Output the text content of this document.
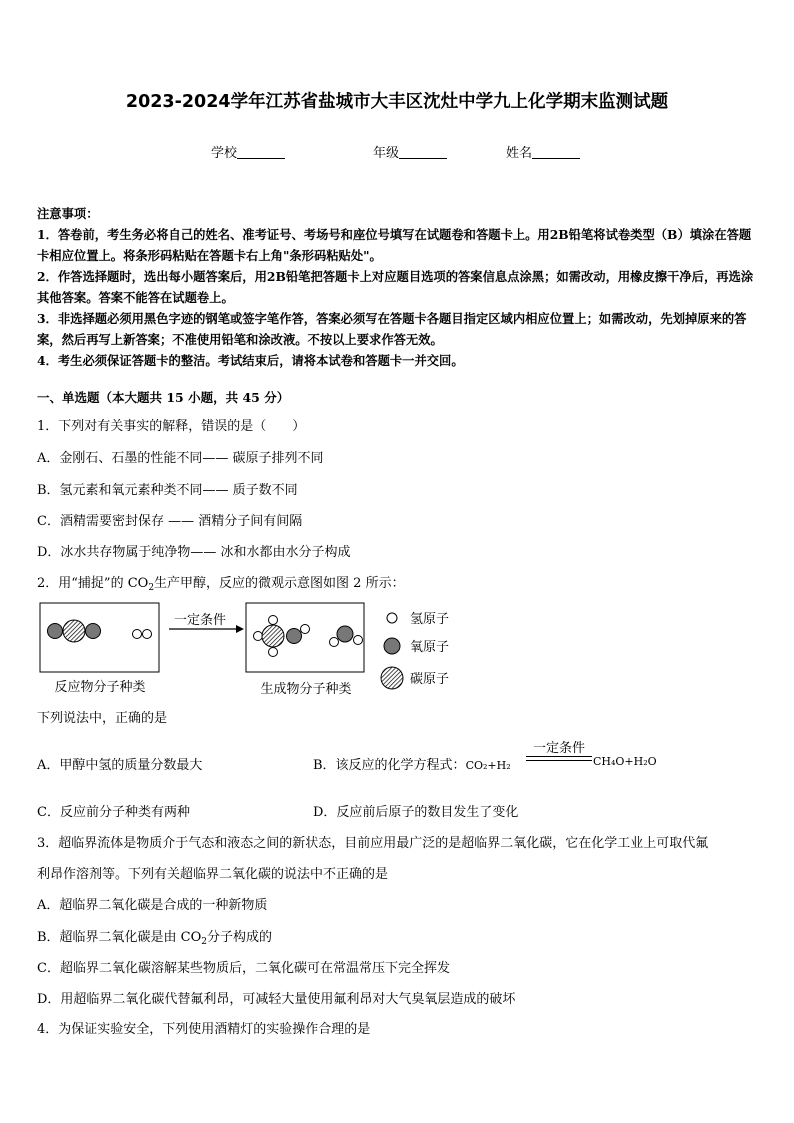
2023-2024学年江苏省盐城市大丰区沈灶中学九上化学期末监测试题
学校	年级	姓名

注意事项：

1．答卷前，考生务必将自己的姓名、准考证号、考场号和座位号填写在试题卷和答题卡上。用2B铅笔将试卷类型（B）填涂在答题卡相应位置上。将条形码粘贴在答题卡右上角"条形码粘贴处"。

2．作答选择题时，选出每小题答案后，用2B铅笔把答题卡上对应题目选项的答案信息点涂黑；如需改动，用橡皮擦干净后，再选涂其他答案。答案不能答在试题卷上。

3．非选择题必须用黑色字迹的钢笔或签字笔作答，答案必须写在答题卡各题目指定区域内相应位置上；如需改动，先划掉原来的答案，然后再写上新答案；不准使用铅笔和涂改液。不按以上要求作答无效。

4．考生必须保证答题卡的整洁。考试结束后，请将本试卷和答题卡一并交回。

一、单选题（本大题共 15 小题，共 45 分）
1．下列对有关事实的解释，错误的是（　　）
A．金刚石、石墨的性能不同—— 碳原子排列不同
B．氢元素和氧元素种类不同—— 质子数不同
C．酒精需要密封保存 —— 酒精分子间有间隔
D．冰水共存物属于纯净物—— 冰和水都由水分子构成
2．用“捕捉”的 $CO_2$生产甲醇，反应的微观示意图如图 2 所示：
一定条件	氢原子
氧原子
碳原子
反应物分子种类	生成物分子种类
下列说法中，正确的是
A．甲醇中氢的质量分数最大	B．该反应的化学方程式：CO₂+H₂
一定条件
CH₄O+H₂O
C．反应前分子种类有两种	D．反应前后原子的数目发生了变化
3．超临界流体是物质介于气态和液态之间的新状态，目前应用最广泛的是超临界二氧化碳，它在化学工业上可取代氟
利昂作溶剂等。下列有关超临界二氧化碳的说法中不正确的是
A．超临界二氧化碳是合成的一种新物质
B．超临界二氧化碳是由 $CO_2$分子构成的
C．超临界二氧化碳溶解某些物质后，二氧化碳可在常温常压下完全挥发
D．用超临界二氧化碳代替氟利昂，可减轻大量使用氟利昂对大气臭氧层造成的破坏
4．为保证实验安全，下列使用酒精灯的实验操作合理的是
